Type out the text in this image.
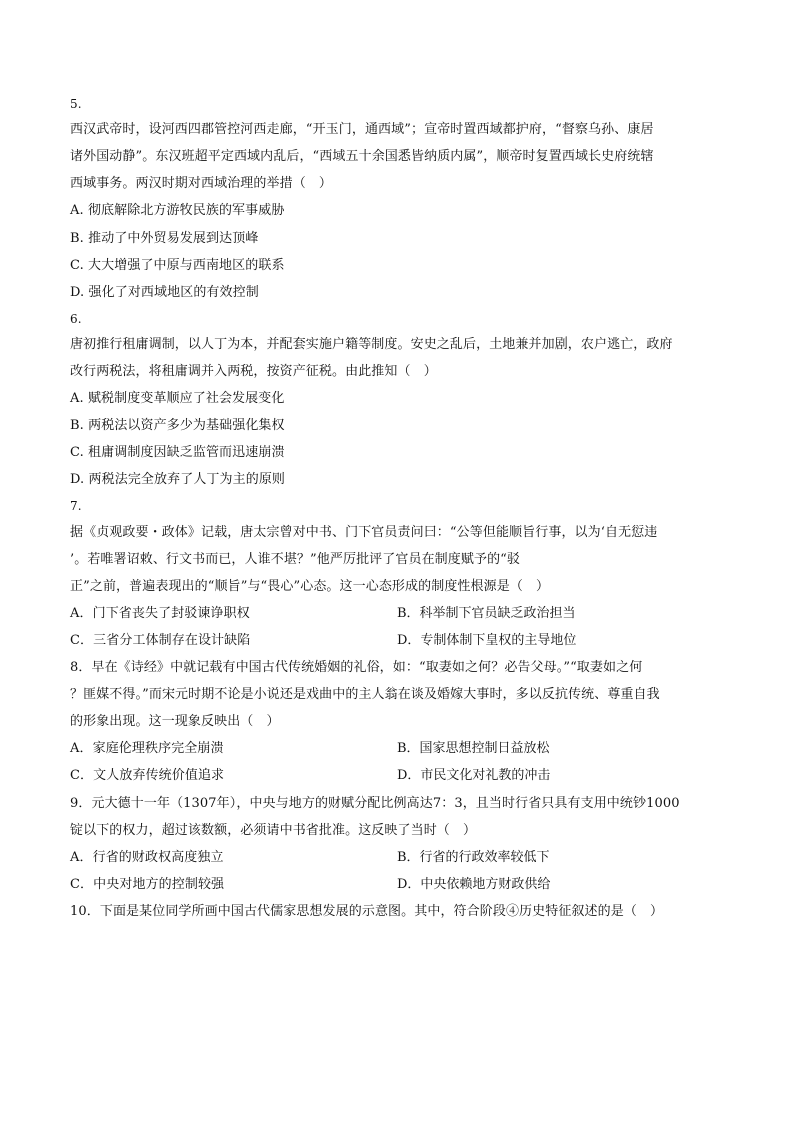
5.
西汉武帝时，设河西四郡管控河西走廊，“开玉门，通西域”；宣帝时置西域都护府，“督察乌孙、康居
诸外国动静”。东汉班超平定西域内乱后，“西域五十余国悉皆纳质内属”，顺帝时复置西域长史府统辖
西域事务。两汉时期对西域治理的举措（　）
A. 彻底解除北方游牧民族的军事威胁
B. 推动了中外贸易发展到达顶峰
C. 大大增强了中原与西南地区的联系
D. 强化了对西域地区的有效控制
6.
唐初推行租庸调制，以人丁为本，并配套实施户籍等制度。安史之乱后，土地兼并加剧，农户逃亡，政府
改行两税法，将租庸调并入两税，按资产征税。由此推知（　）
A. 赋税制度变革顺应了社会发展变化
B. 两税法以资产多少为基础强化集权
C. 租庸调制度因缺乏监管而迅速崩溃
D. 两税法完全放弃了人丁为主的原则
7.
据《贞观政要・政体》记载，唐太宗曾对中书、门下官员责问曰：“公等但能顺旨行事，以为‘自无愆违
’。若唯署诏敕、行文书而已，人谁不堪？”他严厉批评了官员在制度赋予的“驳
正”之前，普遍表现出的“顺旨”与“畏心”心态。这一心态形成的制度性根源是（　）
A．门下省丧失了封驳谏诤职权	B．科举制下官员缺乏政治担当
C．三省分工体制存在设计缺陷	D．专制体制下皇权的主导地位
8．早在《诗经》中就记载有中国古代传统婚姻的礼俗，如：“取妻如之何？必告父母。”“取妻如之何
？匪媒不得。”而宋元时期不论是小说还是戏曲中的主人翁在谈及婚嫁大事时，多以反抗传统、尊重自我
的形象出现。这一现象反映出（　）
A．家庭伦理秩序完全崩溃	B．国家思想控制日益放松
C．文人放弃传统价值追求	D．市民文化对礼教的冲击
9．元大德十一年（1307年），中央与地方的财赋分配比例高达7：3，且当时行省只具有支用中统钞1000
锭以下的权力，超过该数额，必须请中书省批准。这反映了当时（　）
A．行省的财政权高度独立	B．行省的行政效率较低下
C．中央对地方的控制较强	D．中央依赖地方财政供给
10．下面是某位同学所画中国古代儒家思想发展的示意图。其中，符合阶段④历史特征叙述的是（　）
